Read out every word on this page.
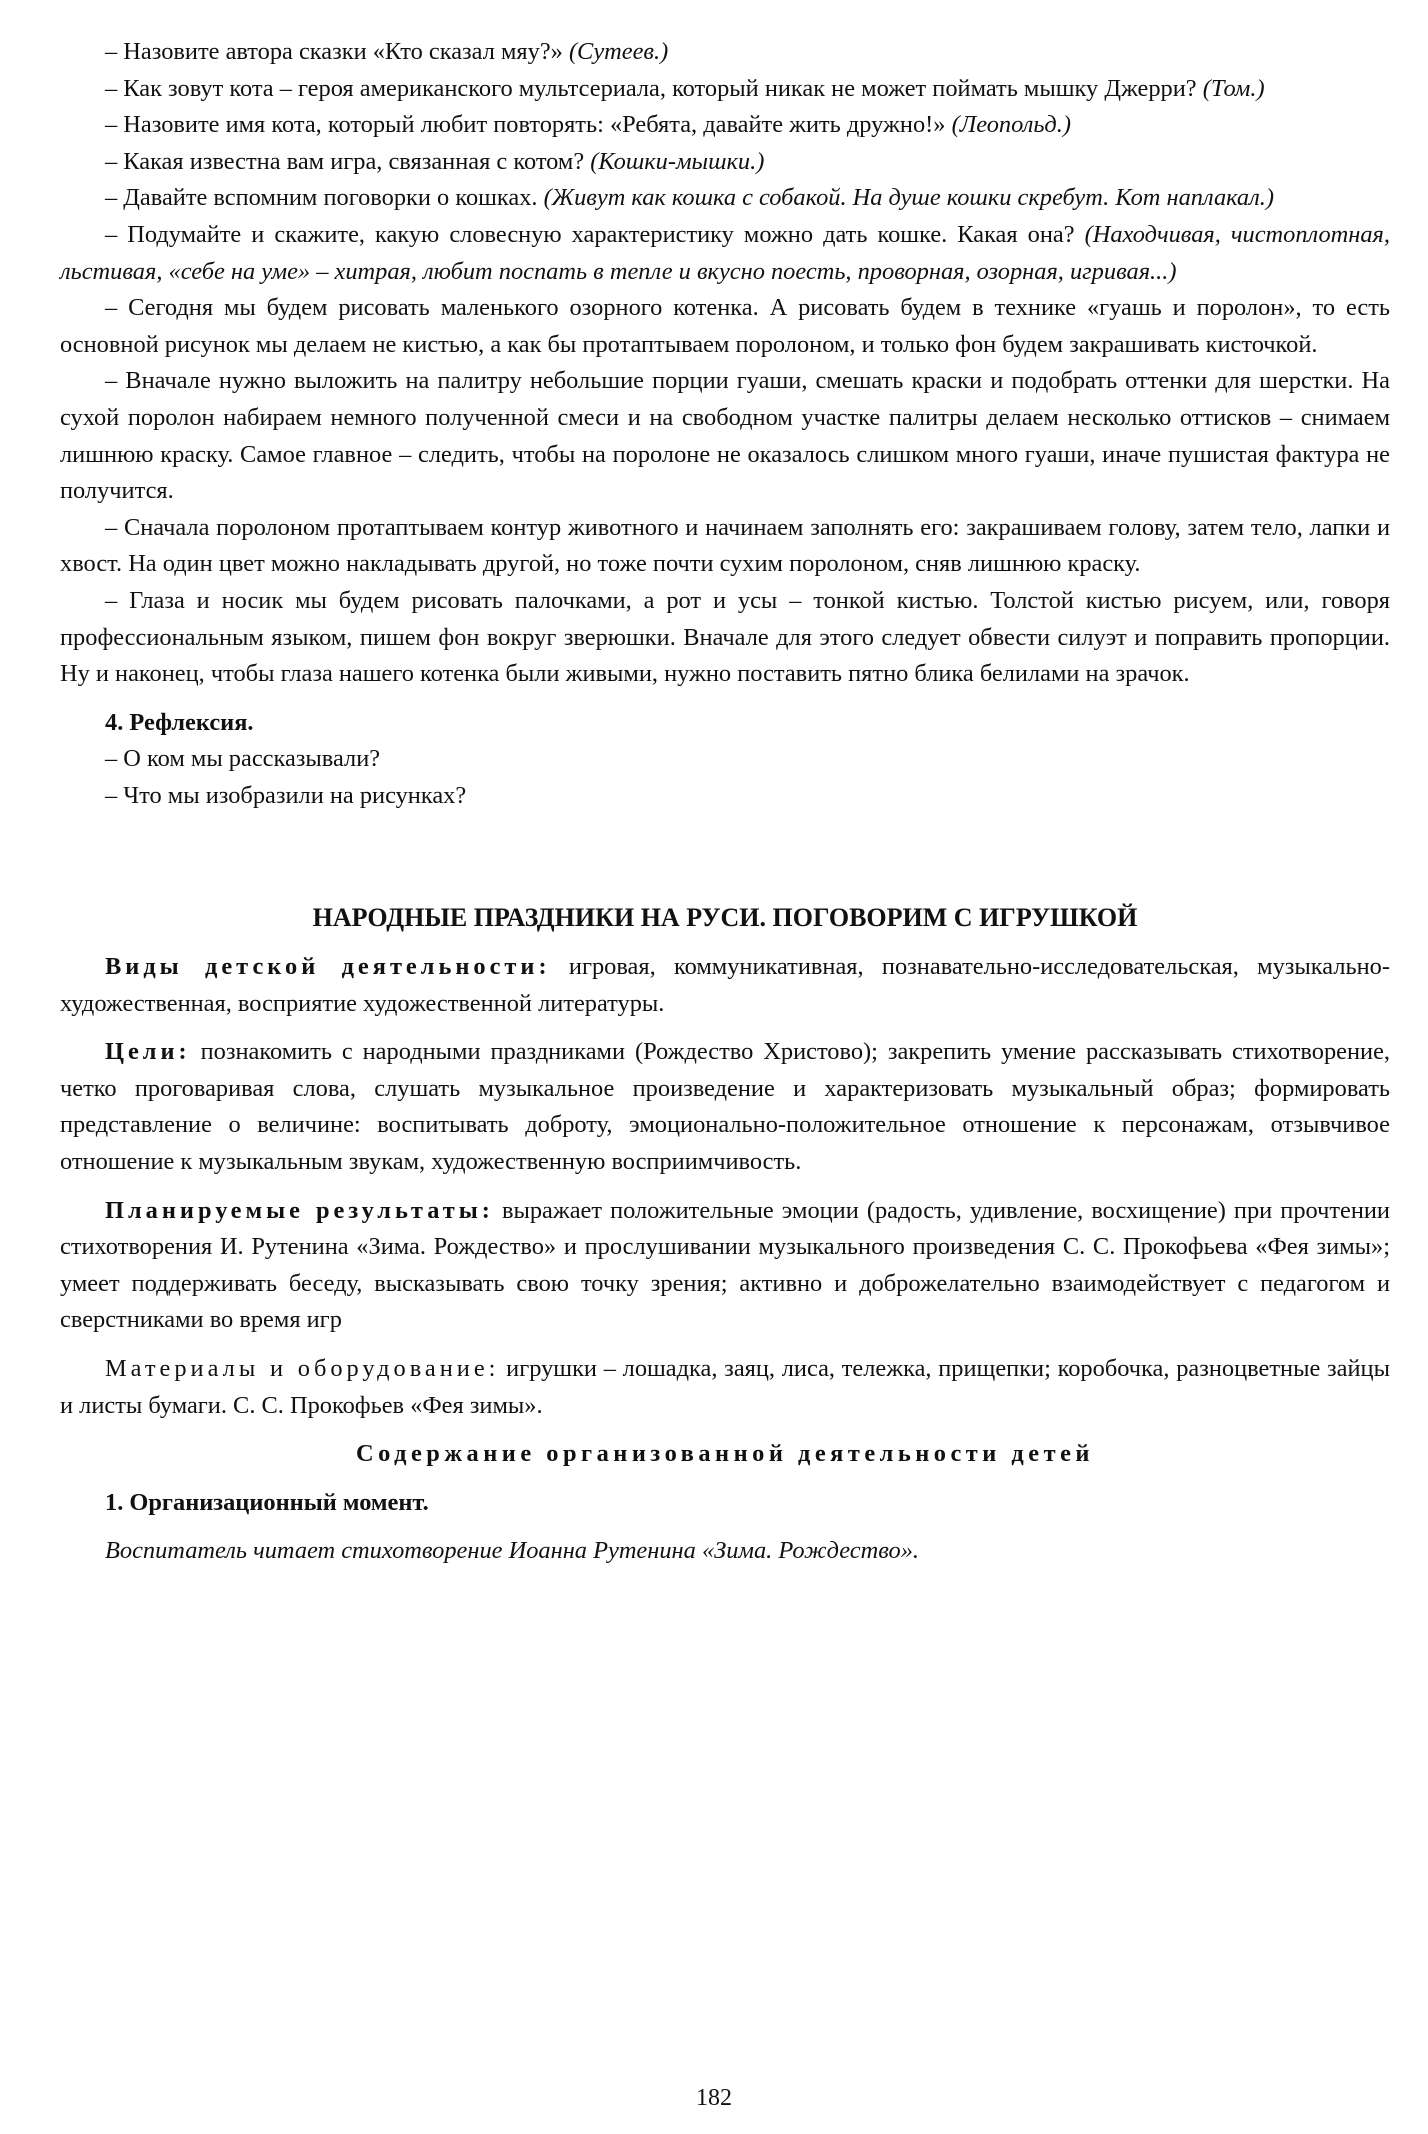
– Назовите автора сказки «Кто сказал мяу?» (Сутеев.)

– Как зовут кота – героя американского мультсериала, который никак не может поймать мышку Джерри? (Том.)

– Назовите имя кота, который любит повторять: «Ребята, давайте жить дружно!» (Леопольд.)

– Какая известна вам игра, связанная с котом? (Кошки-мышки.)

– Давайте вспомним поговорки о кошках. (Живут как кошка с собакой. На душе кошки скребут. Кот наплакал.)

– Подумайте и скажите, какую словесную характеристику можно дать кошке. Какая она? (Находчивая, чистоплотная, льстивая, «себе на уме» – хитрая, любит поспать в тепле и вкусно поесть, проворная, озорная, игривая...)

– Сегодня мы будем рисовать маленького озорного котенка. А рисовать будем в технике «гуашь и поролон», то есть основной рисунок мы делаем не кистью, а как бы протаптываем поролоном, и только фон будем закрашивать кисточкой.

– Вначале нужно выложить на палитру небольшие порции гуаши, смешать краски и подобрать оттенки для шерстки. На сухой поролон набираем немного полученной смеси и на свободном участке палитры делаем несколько оттисков – снимаем лишнюю краску. Самое главное – следить, чтобы на поролоне не оказалось слишком много гуаши, иначе пушистая фактура не получится.

– Сначала поролоном протаптываем контур животного и начинаем заполнять его: закрашиваем голову, затем тело, лапки и хвост. На один цвет можно накладывать другой, но тоже почти сухим поролоном, сняв лишнюю краску.

– Глаза и носик мы будем рисовать палочками, а рот и усы – тонкой кистью. Толстой кистью рисуем, или, говоря профессиональным языком, пишем фон вокруг зверюшки. Вначале для этого следует обвести силуэт и поправить пропорции. Ну и наконец, чтобы глаза нашего котенка были живыми, нужно поставить пятно блика белилами на зрачок.

4. Рефлексия.

– О ком мы рассказывали?

– Что мы изобразили на рисунках?

НАРОДНЫЕ ПРАЗДНИКИ НА РУСИ. ПОГОВОРИМ С ИГРУШКОЙ

Виды детской деятельности: игровая, коммуникативная, познавательно-исследовательская, музыкально-художественная, восприятие художественной литературы.

Цели: познакомить с народными праздниками (Рождество Христово); закрепить умение рассказывать стихотворение, четко проговаривая слова, слушать музыкальное произведение и характеризовать музыкальный образ; формировать представление о величине: воспитывать доброту, эмоционально-положительное отношение к персонажам, отзывчивое отношение к музыкальным звукам, художественную восприимчивость.

Планируемые результаты: выражает положительные эмоции (радость, удивление, восхищение) при прочтении стихотворения И. Рутенина «Зима. Рождество» и прослушивании музыкального произведения С. С. Прокофьева «Фея зимы»; умеет поддерживать беседу, высказывать свою точку зрения; активно и доброжелательно взаимодействует с педагогом и сверстниками во время игр

Материалы и оборудование: игрушки – лошадка, заяц, лиса, тележка, прищепки; коробочка, разноцветные зайцы и листы бумаги. С. С. Прокофьев «Фея зимы».

Содержание организованной деятельности детей

1. Организационный момент.

Воспитатель читает стихотворение Иоанна Рутенина «Зима. Рождество».

182
